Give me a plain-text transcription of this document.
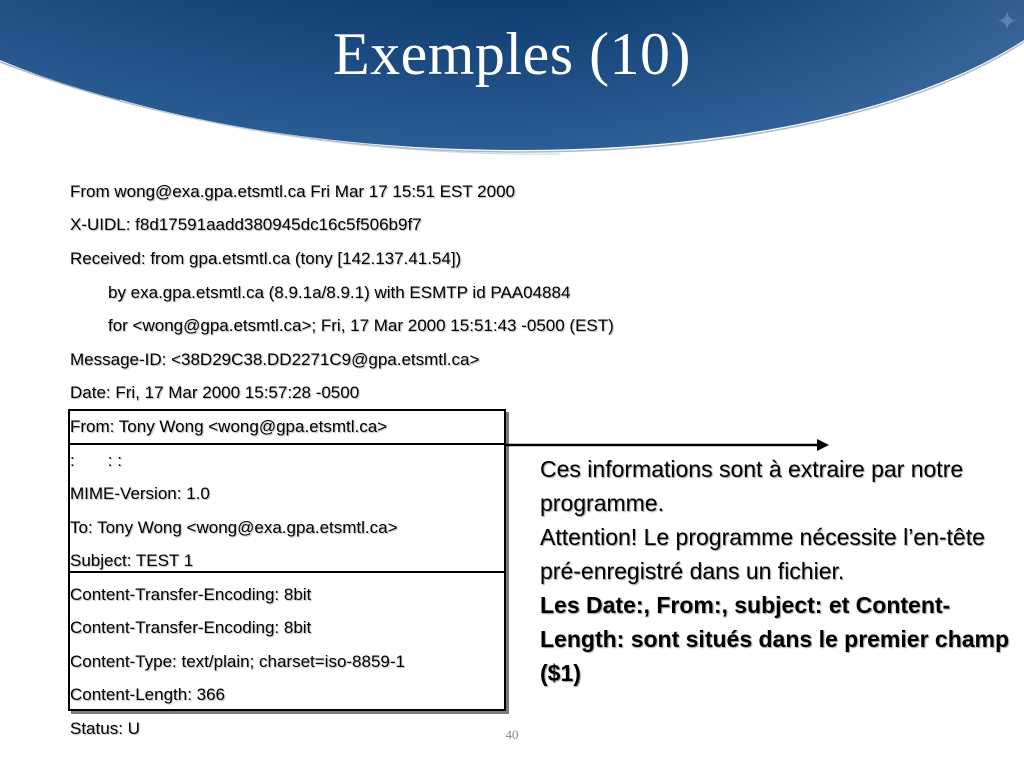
✦
Exemples (10)
From wong@exa.gpa.etsmtl.ca Fri Mar 17 15:51 EST 2000
X-UIDL: f8d17591aadd380945dc16c5f506b9f7
Received: from gpa.etsmtl.ca (tony [142.137.41.54])
by exa.gpa.etsmtl.ca (8.9.1a/8.9.1) with ESMTP id PAA04884
for <wong@gpa.etsmtl.ca>; Fri, 17 Mar 2000 15:51:43 -0500 (EST)
Message-ID: <38D29C38.DD2271C9@gpa.etsmtl.ca>
Date: Fri, 17 Mar 2000 15:57:28 -0500
From: Tony Wong <wong@gpa.etsmtl.ca>
:       : :
MIME-Version: 1.0
To: Tony Wong <wong@exa.gpa.etsmtl.ca>
Subject: TEST 1
Content-Transfer-Encoding: 8bit
Content-Transfer-Encoding: 8bit
Content-Type: text/plain; charset=iso-8859-1
Content-Length: 366
Status: U
Ces informations sont à extraire par notre programme.
Attention! Le programme nécessite l’en-tête pré-enregistré dans un fichier.
Les Date:, From:, subject: et Content-Length: sont situés dans le premier champ ($1)
40
